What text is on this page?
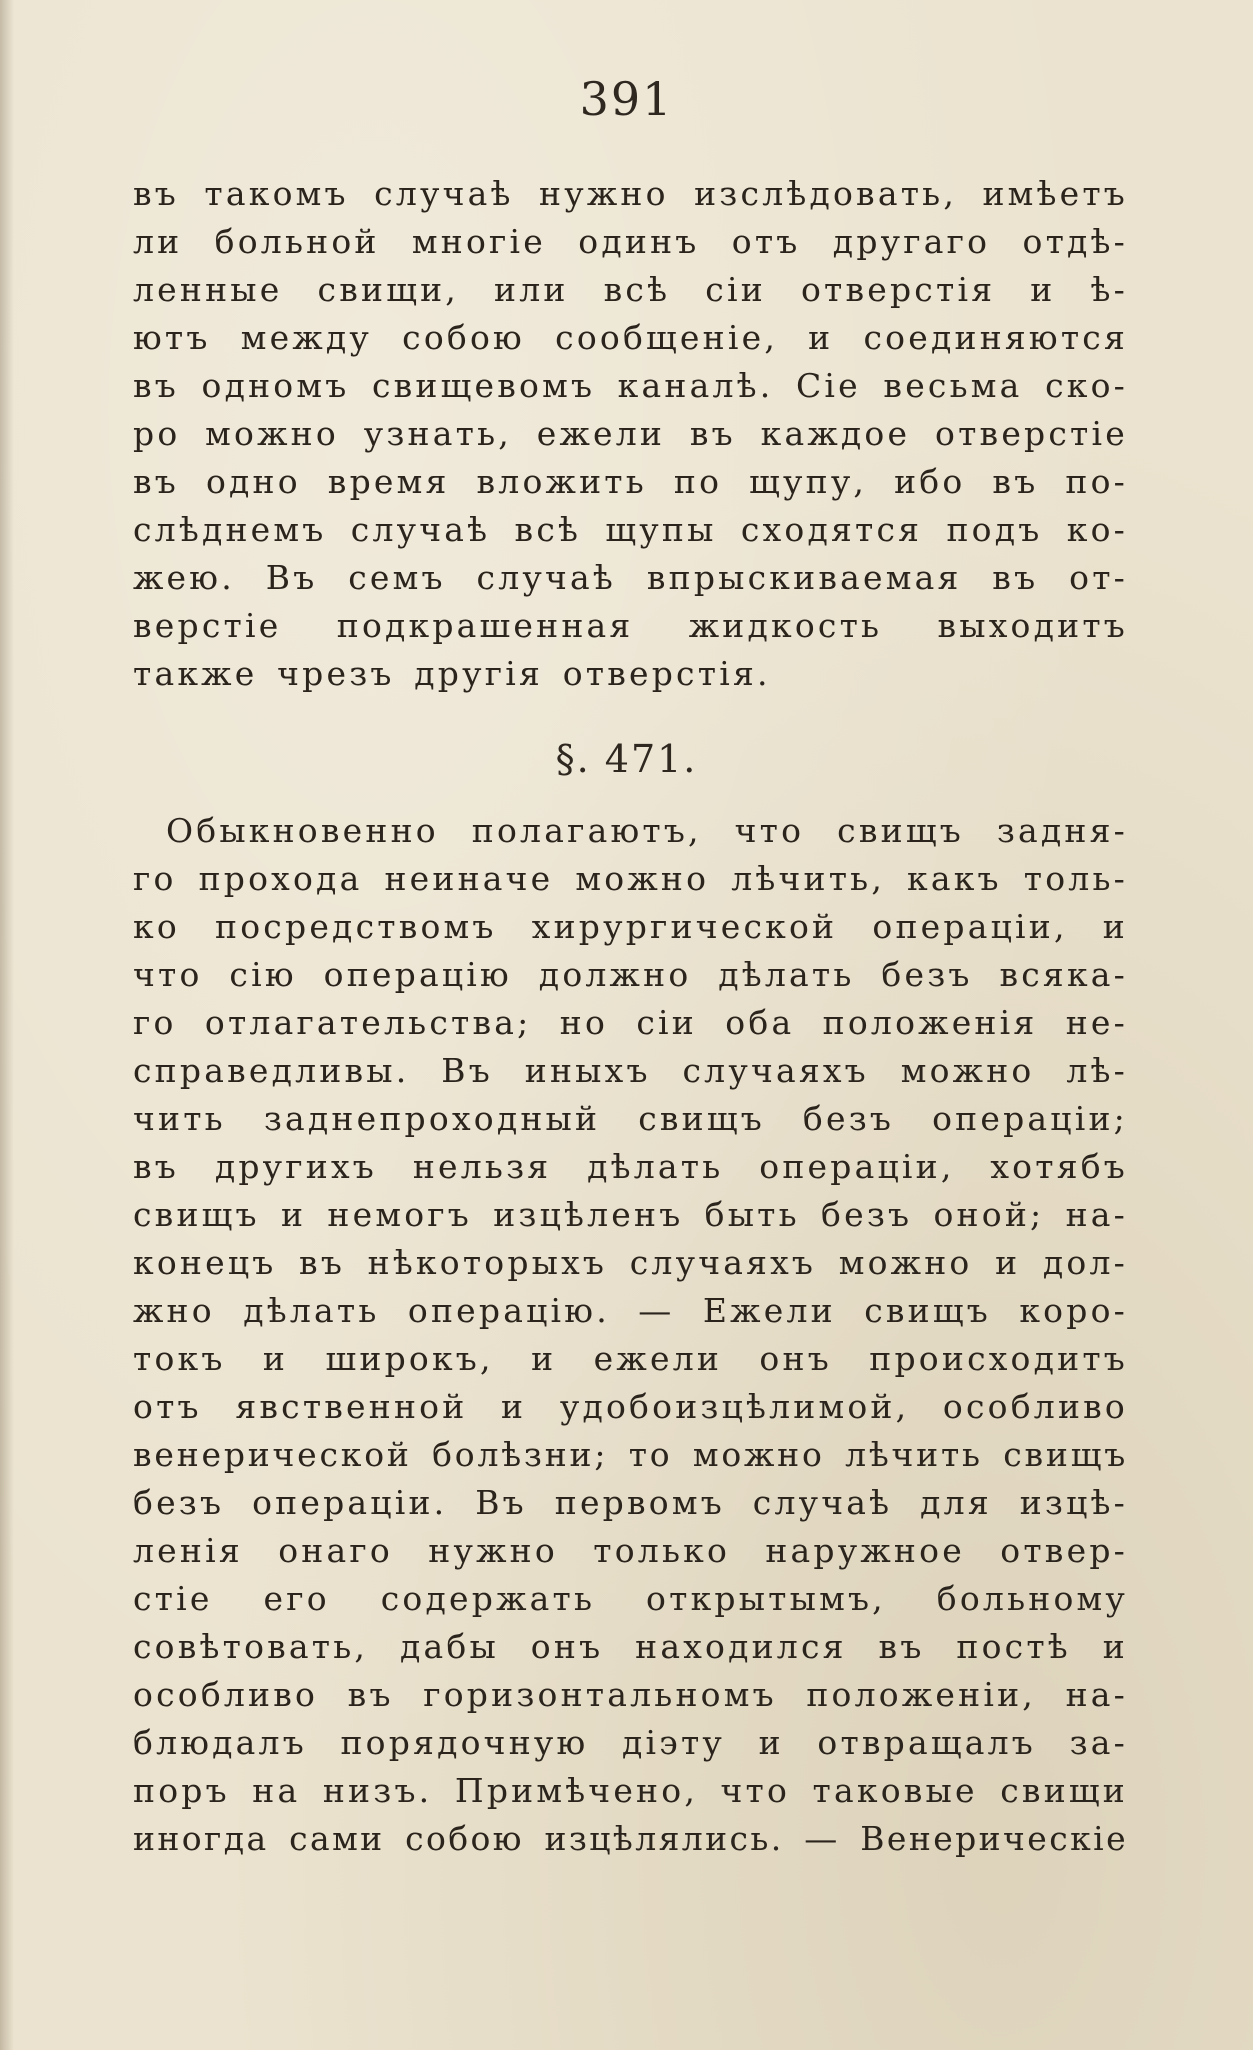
391
въ такомъ случаѣ нужно изслѣдовать, имѣетъ
ли больной многіе одинъ отъ другаго отдѣ-
ленные свищи, или всѣ сіи отверстія и ѣ-
ютъ между собою сообщеніе, и соединяются
въ одномъ свищевомъ каналѣ. Сіе весьма ско-
ро можно узнать, ежели въ каждое отверстіе
въ одно время вложить по щупу, ибо въ по-
слѣднемъ случаѣ всѣ щупы сходятся подъ ко-
жею. Въ семъ случаѣ впрыскиваемая въ от-
верстіе подкрашенная жидкость выходитъ
также чрезъ другія отверстія.
§. 471.
Обыкновенно полагаютъ, что свищъ задня-
го прохода неиначе можно лѣчить, какъ толь-
ко посредствомъ хирургической операціи, и
что сію операцію должно дѣлать безъ всяка-
го отлагательства; но сіи оба положенія не-
справедливы. Въ иныхъ случаяхъ можно лѣ-
чить заднепроходный свищъ безъ операціи;
въ другихъ нельзя дѣлать операціи, хотябъ
свищъ и немогъ изцѣленъ быть безъ оной; на-
конецъ въ нѣкоторыхъ случаяхъ можно и дол-
жно дѣлать операцію. — Ежели свищъ коро-
токъ и широкъ, и ежели онъ происходитъ
отъ явственной и удобоизцѣлимой, особливо
венерической болѣзни; то можно лѣчить свищъ
безъ операціи. Въ первомъ случаѣ для изцѣ-
ленія онаго нужно только наружное отвер-
стіе его содержать открытымъ, больному
совѣтовать, дабы онъ находился въ постѣ и
особливо въ горизонтальномъ положеніи, на-
блюдалъ порядочную діэту и отвращалъ за-
поръ на низъ. Примѣчено, что таковые свищи
иногда сами собою изцѣлялись. — Венерическіе
